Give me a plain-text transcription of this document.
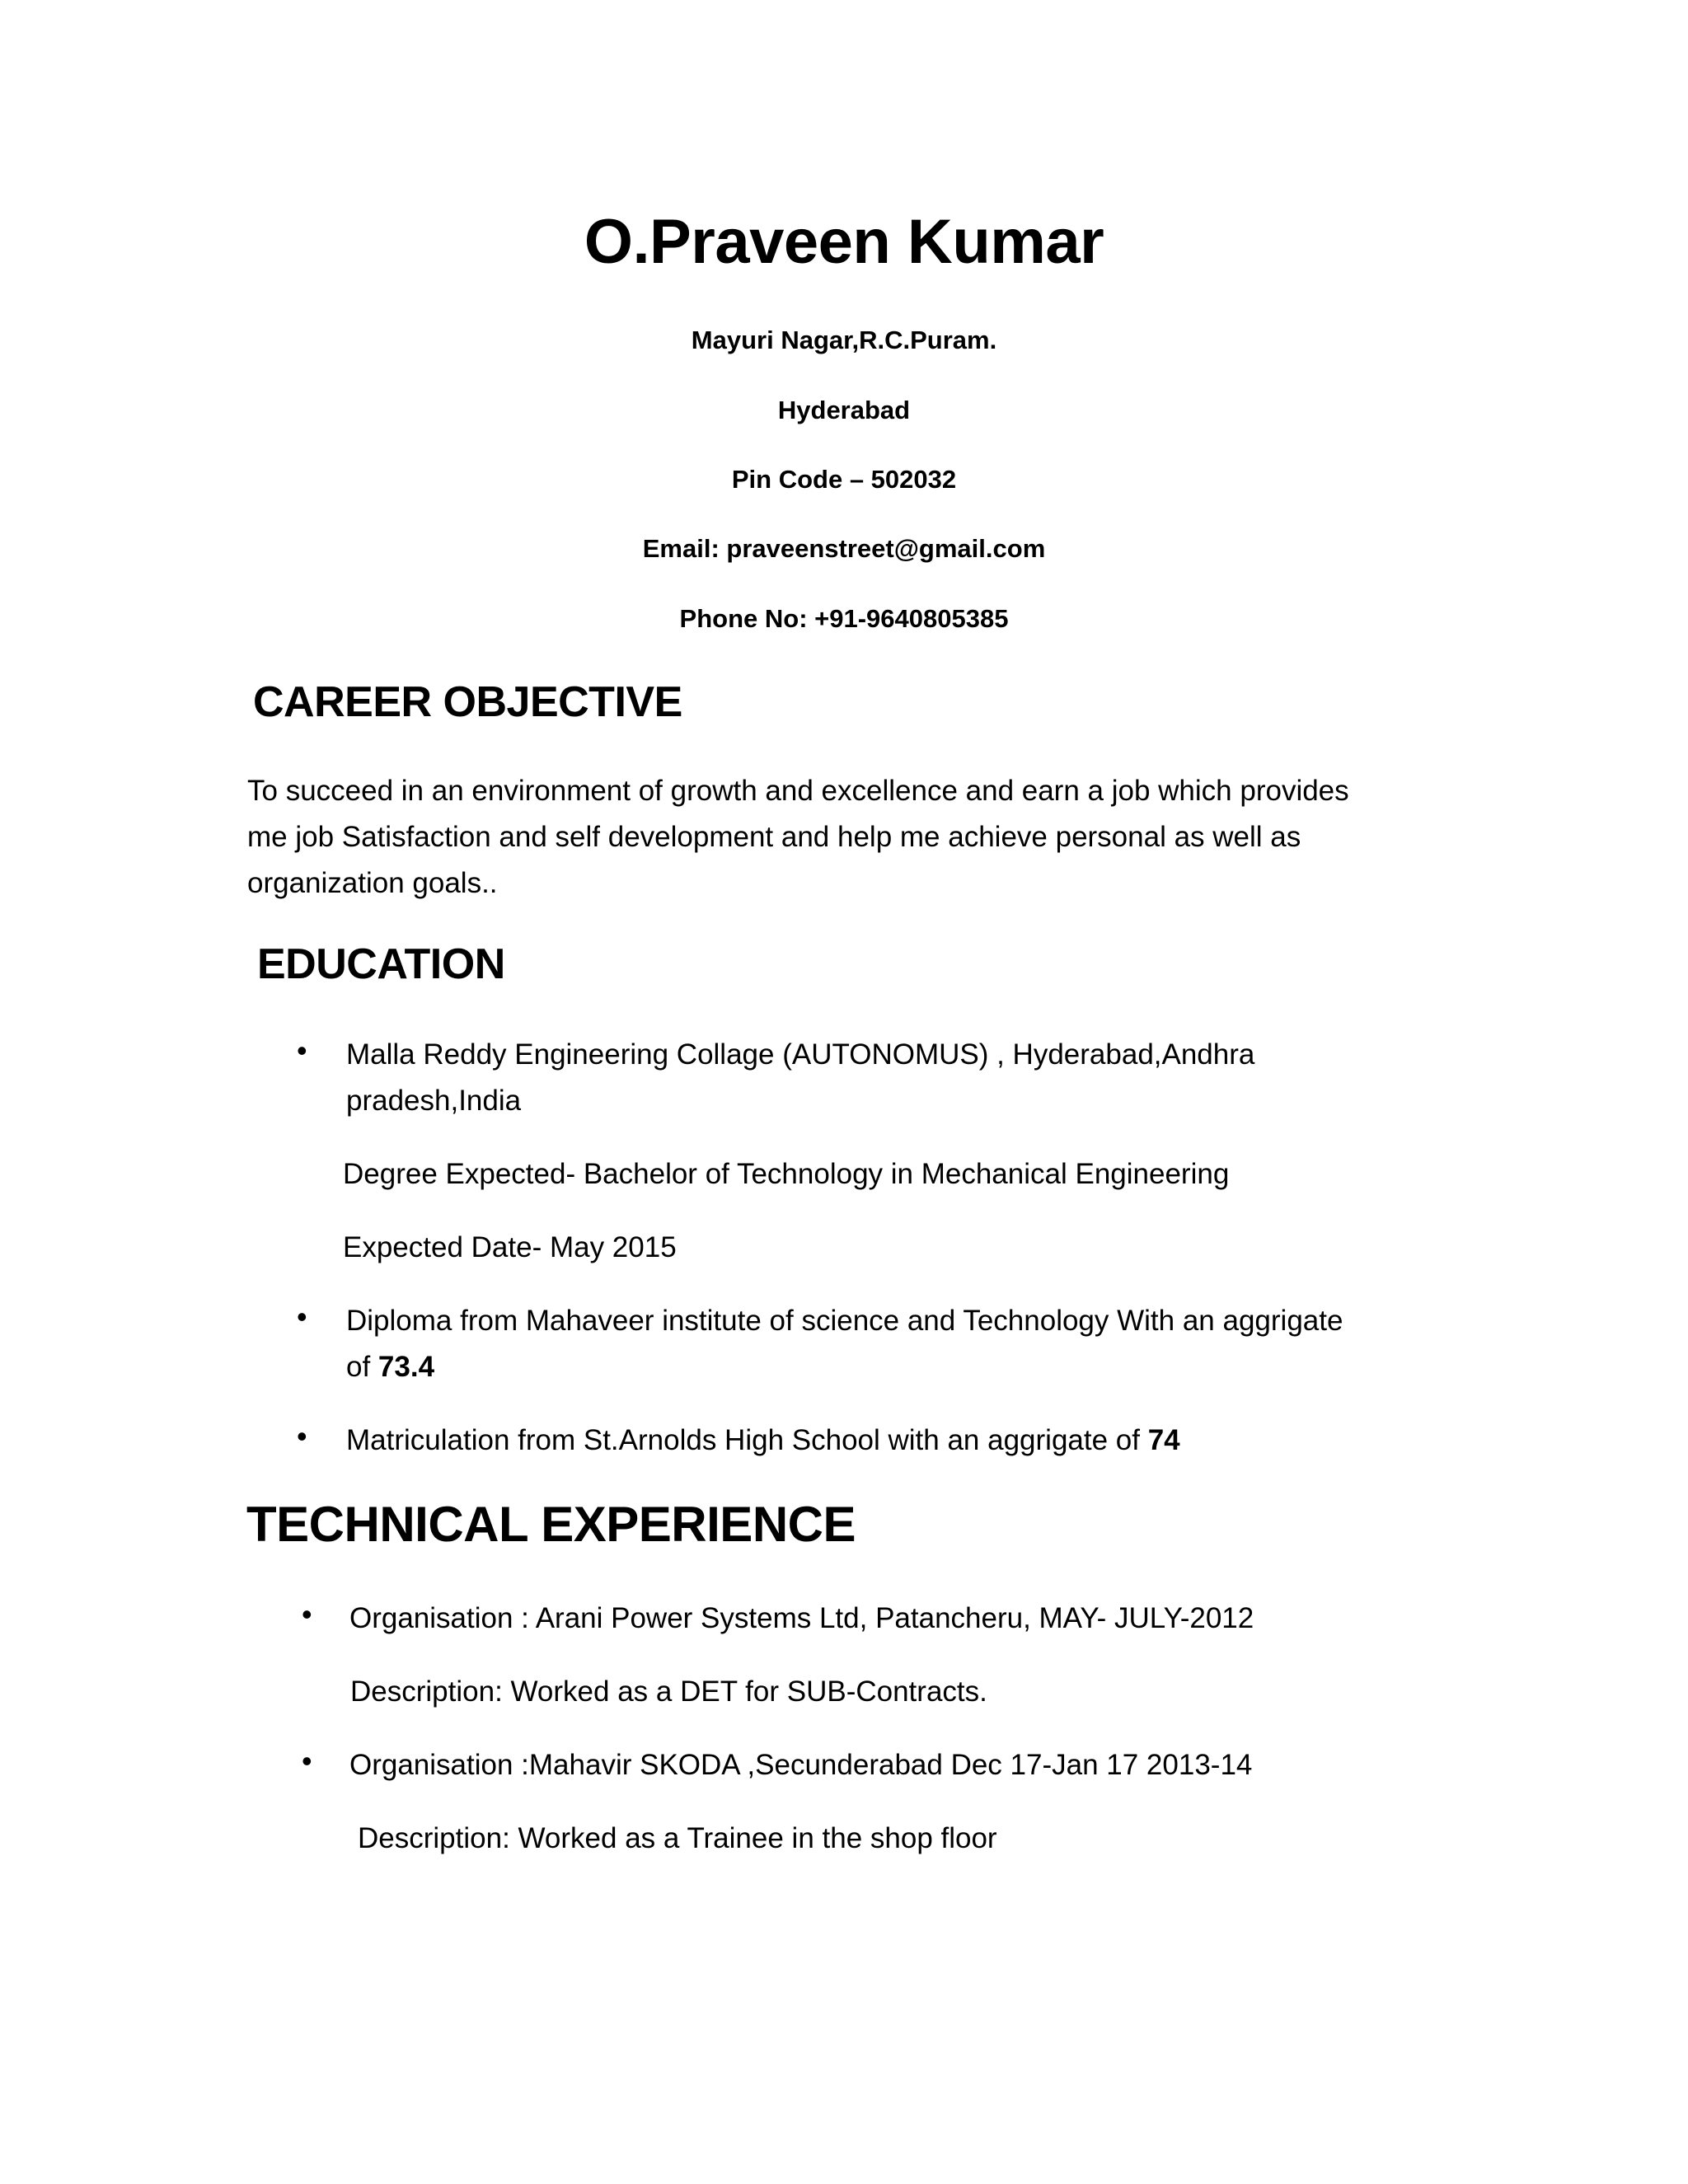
O.Praveen Kumar
Mayuri Nagar,R.C.Puram.
Hyderabad
Pin Code – 502032
Email: praveenstreet@gmail.com
Phone No: +91-9640805385
CAREER OBJECTIVE
To succeed in an environment of growth and excellence and earn a job which provides
me job Satisfaction and self development and help me achieve personal as well as
organization goals..
EDUCATION
• Malla Reddy Engineering Collage (AUTONOMUS) , Hyderabad,Andhra
pradesh,India
Degree Expected- Bachelor of Technology in Mechanical Engineering
Expected Date- May 2015
• Diploma from Mahaveer institute of science and Technology With an aggrigate
of 73.4
• Matriculation from St.Arnolds High School with an aggrigate of 74
TECHNICAL EXPERIENCE
• Organisation : Arani Power Systems Ltd, Patancheru, MAY- JULY-2012
Description: Worked as a DET for SUB-Contracts.
• Organisation :Mahavir SKODA ,Secunderabad Dec 17-Jan 17 2013-14
Description: Worked as a Trainee in the shop floor
